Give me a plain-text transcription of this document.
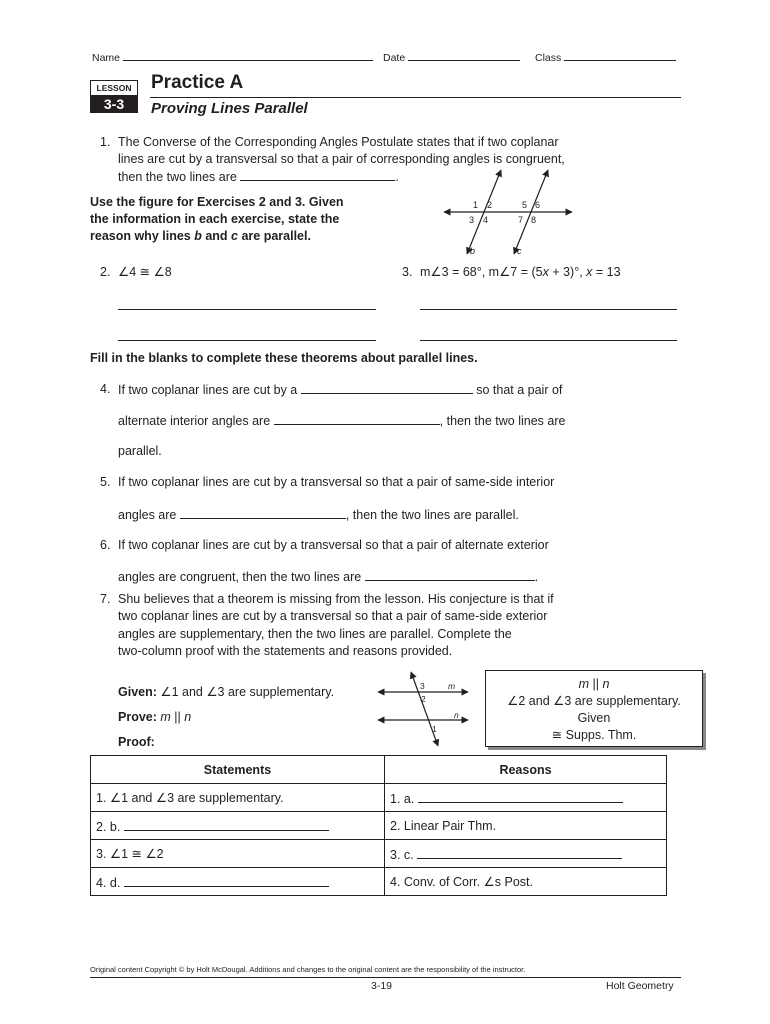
Name	Date	Class
LESSON
3-3
Practice A
Proving Lines Parallel
1. The Converse of the Corresponding Angles Postulate states that if two coplanar
lines are cut by a transversal so that a pair of corresponding angles is congruent,
then the two lines are	.
Use the figure for Exercises 2 and 3. Given
the information in each exercise, state the
reason why lines b and c are parallel.
1 2
3 4
5 6
7 8
b	c
2. ∠4 ≅ ∠8	3. m∠3 = 68°, m∠7 = (5x + 3)°, x = 13
Fill in the blanks to complete these theorems about parallel lines.
4. If two coplanar lines are cut by a	so that a pair of
alternate interior angles are	, then the two lines are
parallel.
5. If two coplanar lines are cut by a transversal so that a pair of same-side interior
angles are	, then the two lines are parallel.
6. If two coplanar lines are cut by a transversal so that a pair of alternate exterior
angles are congruent, then the two lines are	.
7. Shu believes that a theorem is missing from the lesson. His conjecture is that if
two coplanar lines are cut by a transversal so that a pair of same-side exterior
angles are supplementary, then the two lines are parallel. Complete the
two-column proof with the statements and reasons provided.
Given: ∠1 and ∠3 are supplementary.
Prove: m || n
Proof:
3
2
1
m
n
m || n
∠2 and ∠3 are supplementary.
Given
≅ Supps. Thm.
Statements	Reasons
1. ∠1 and ∠3 are supplementary.	1. a.
2. b.	2. Linear Pair Thm.
3. ∠1 ≅ ∠2	3. c.
4. d.	4. Conv. of Corr. ∠s Post.
Original content Copyright © by Holt McDougal. Additions and changes to the original content are the responsibility of the instructor.
3-19	Holt Geometry
